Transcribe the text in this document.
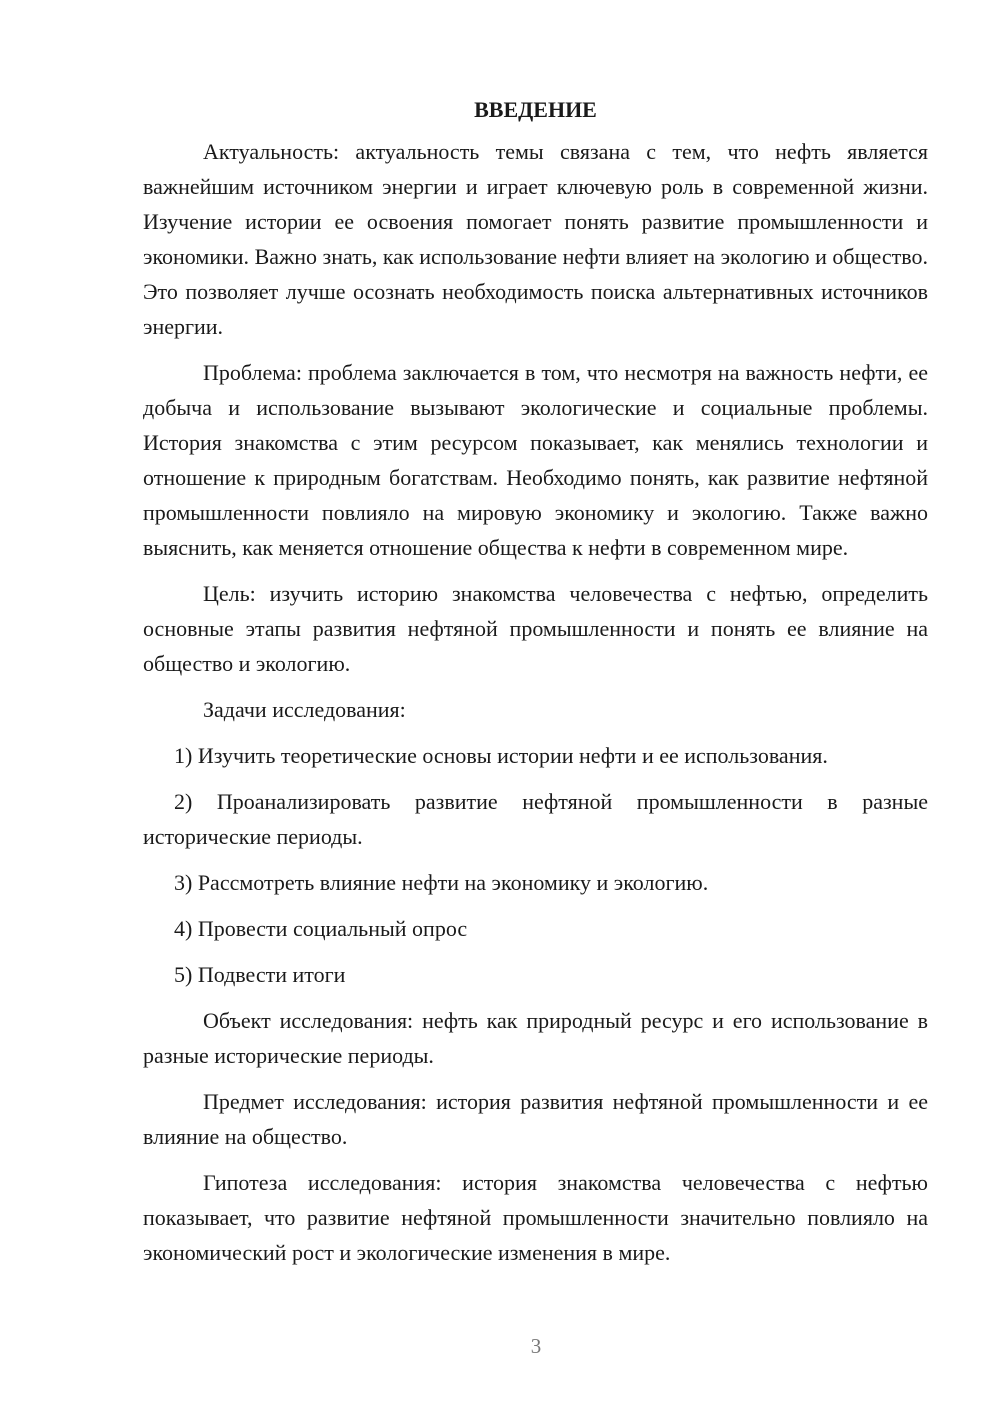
ВВЕДЕНИЕ

Актуальность: актуальность темы связана с тем, что нефть является важнейшим источником энергии и играет ключевую роль в современной жизни. Изучение истории ее освоения помогает понять развитие промышленности и экономики. Важно знать, как использование нефти влияет на экологию и общество. Это позволяет лучше осознать необходимость поиска альтернативных источников энергии.

Проблема: проблема заключается в том, что несмотря на важность нефти, ее добыча и использование вызывают экологические и социальные проблемы. История знакомства с этим ресурсом показывает, как менялись технологии и отношение к природным богатствам. Необходимо понять, как развитие нефтяной промышленности повлияло на мировую экономику и экологию. Также важно выяснить, как меняется отношение общества к нефти в современном мире.

Цель: изучить историю знакомства человечества с нефтью, определить основные этапы развития нефтяной промышленности и понять ее влияние на общество и экологию.

Задачи исследования:

1) Изучить теоретические основы истории нефти и ее использования.

2) Проанализировать развитие нефтяной промышленности в разные исторические периоды.

3) Рассмотреть влияние нефти на экономику и экологию.

4) Провести социальный опрос

5) Подвести итоги

Объект исследования: нефть как природный ресурс и его использование в разные исторические периоды.

Предмет исследования: история развития нефтяной промышленности и ее влияние на общество.

Гипотеза исследования: история знакомства человечества с нефтью показывает, что развитие нефтяной промышленности значительно повлияло на экономический рост и экологические изменения в мире.

3
